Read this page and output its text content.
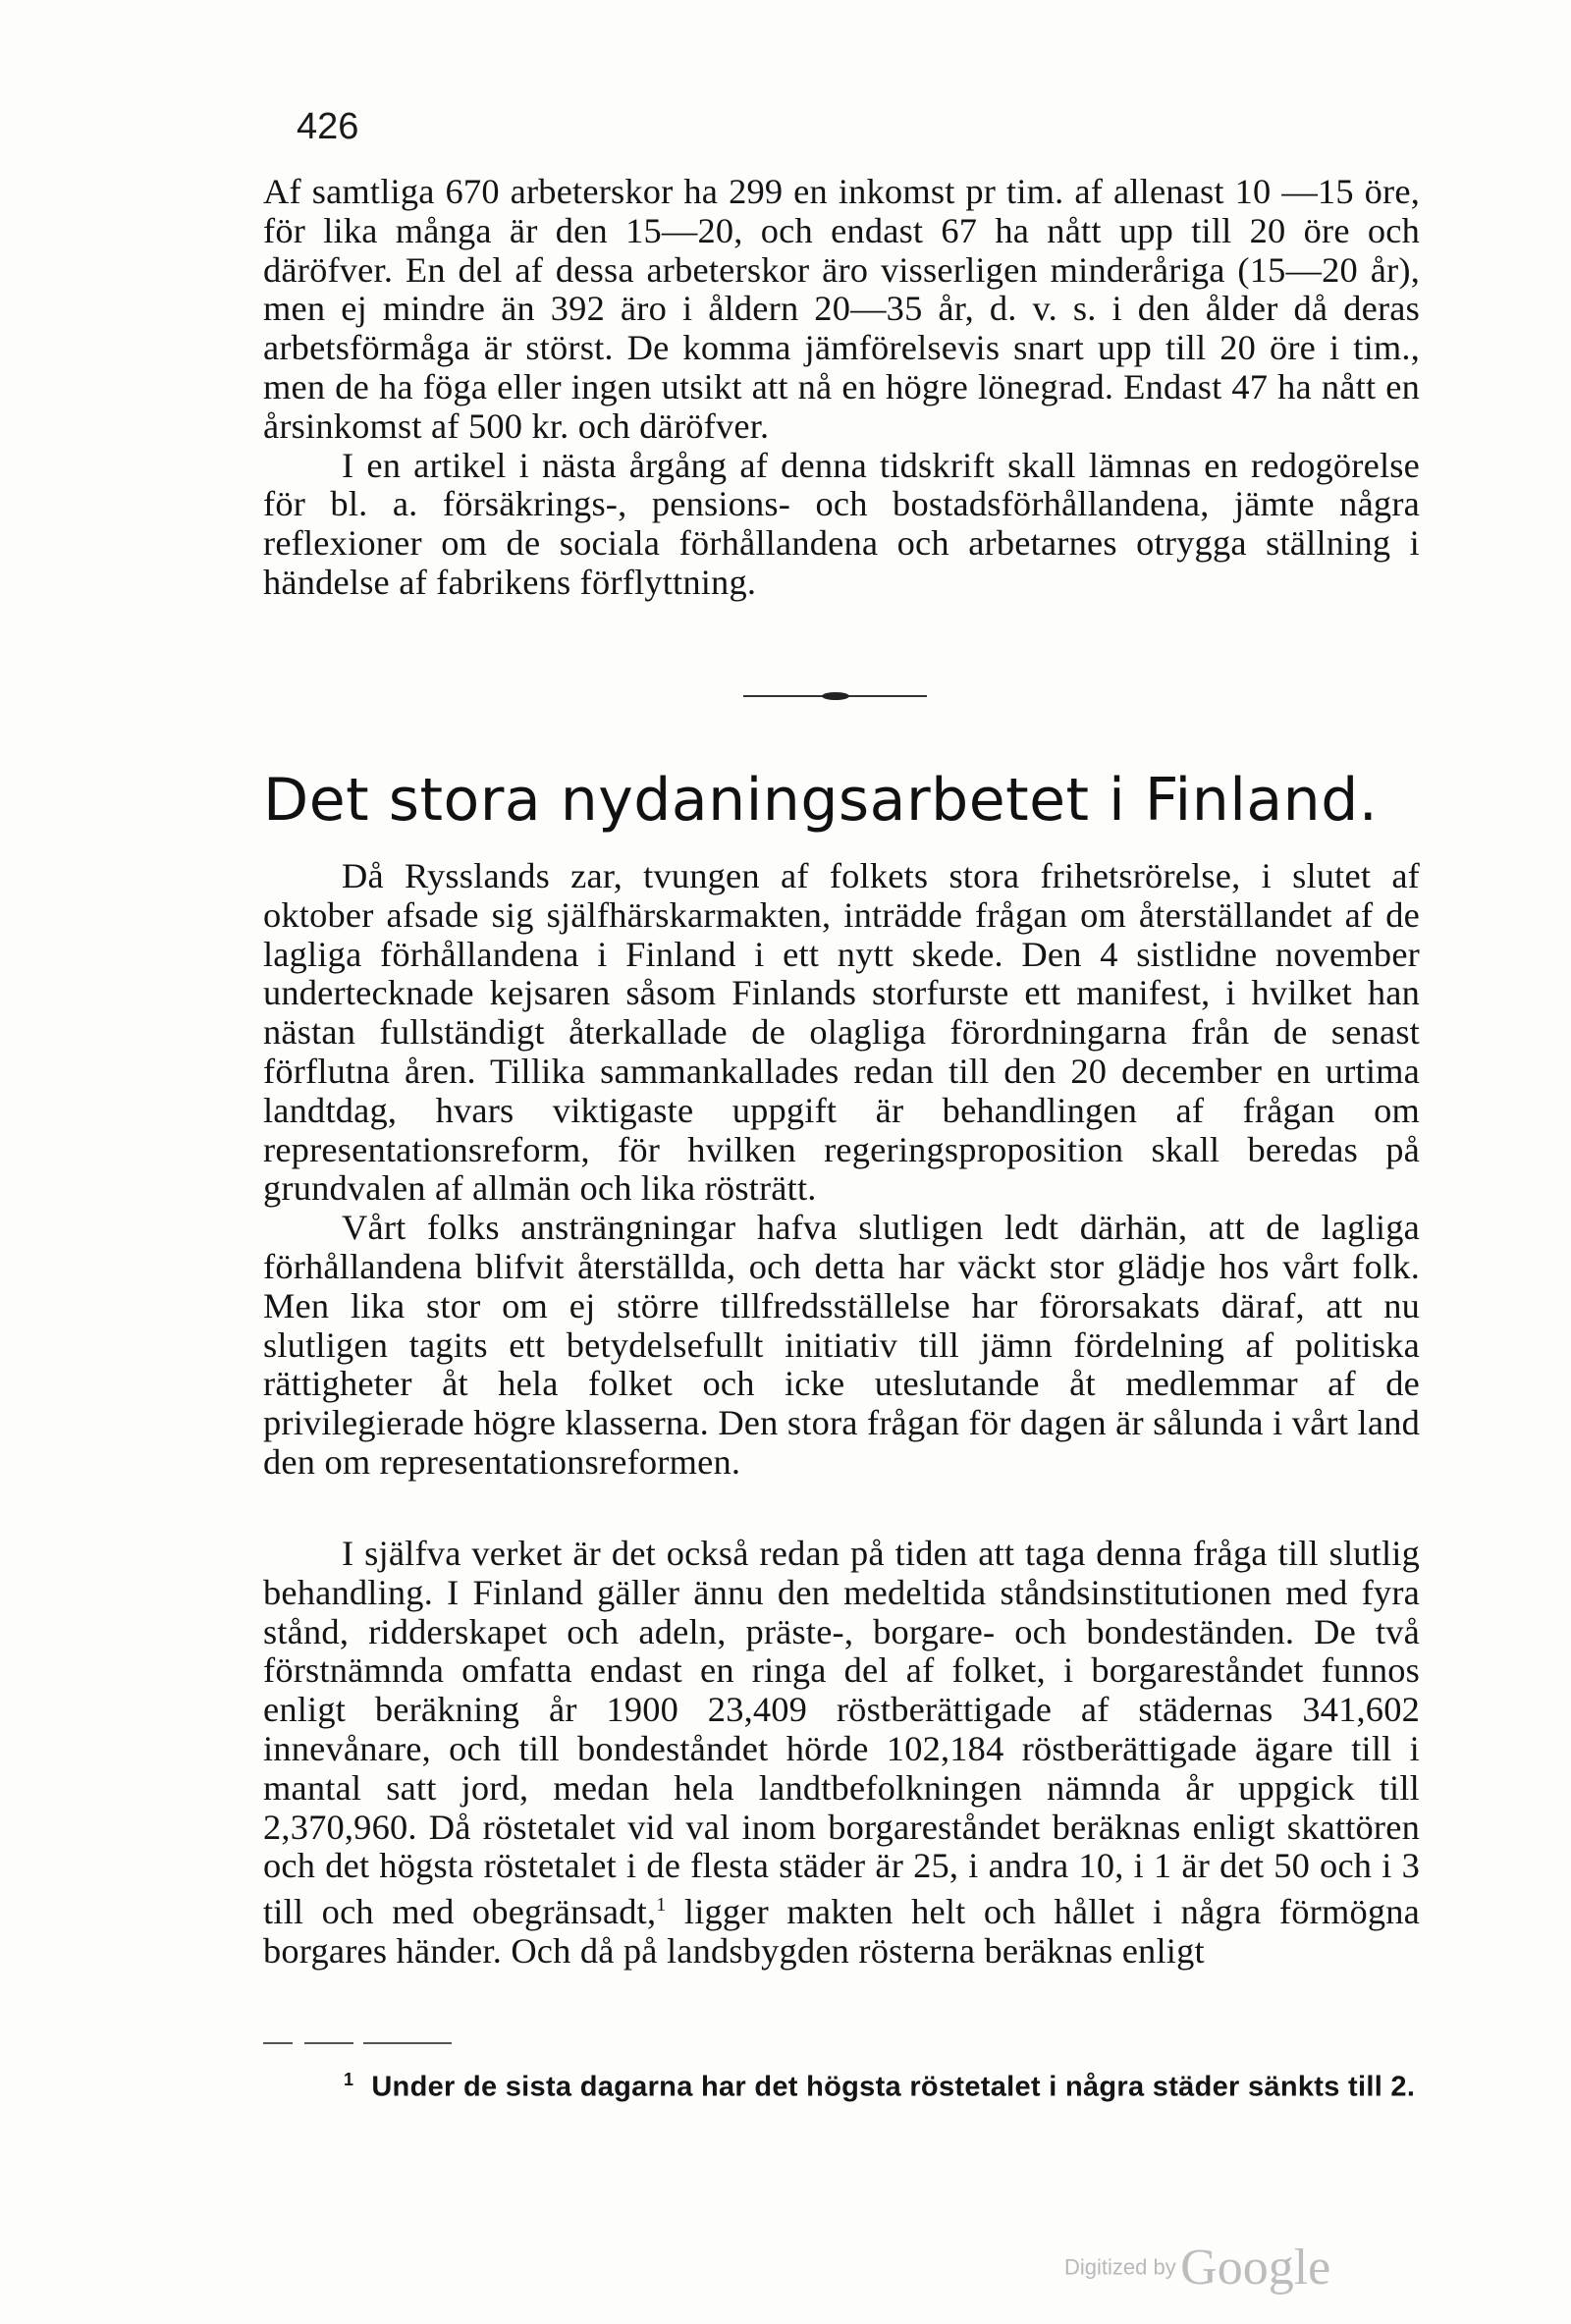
426

Af samtliga 670 arbeterskor ha 299 en inkomst pr tim. af allenast 10 —15 öre, för lika många är den 15—20, och endast 67 ha nått upp till 20 öre och däröfver. En del af dessa arbeterskor äro visserligen minderåriga (15—20 år), men ej mindre än 392 äro i åldern 20—35 år, d. v. s. i den ålder då deras arbetsförmåga är störst. De komma jämförelsevis snart upp till 20 öre i tim., men de ha föga eller ingen utsikt att nå en högre lönegrad. Endast 47 ha nått en årsinkomst af 500 kr. och däröfver.

I en artikel i nästa årgång af denna tidskrift skall lämnas en redogörelse för bl. a. försäkrings-, pensions- och bostadsförhållandena, jämte några reflexioner om de sociala förhållandena och arbetarnes otrygga ställning i händelse af fabrikens förflyttning.

Det stora nydaningsarbetet i Finland.

Då Rysslands zar, tvungen af folkets stora frihetsrörelse, i slutet af oktober afsade sig själfhärskarmakten, inträdde frågan om återställandet af de lagliga förhållandena i Finland i ett nytt skede. Den 4 sistlidne november undertecknade kejsaren såsom Finlands storfurste ett manifest, i hvilket han nästan fullständigt återkallade de olagliga förordningarna från de senast förflutna åren. Tillika sammankallades redan till den 20 december en urtima landtdag, hvars viktigaste uppgift är behandlingen af frågan om representationsreform, för hvilken regeringsproposition skall beredas på grundvalen af allmän och lika rösträtt.

Vårt folks ansträngningar hafva slutligen ledt därhän, att de lagliga förhållandena blifvit återställda, och detta har väckt stor glädje hos vårt folk. Men lika stor om ej större tillfredsställelse har förorsakats däraf, att nu slutligen tagits ett betydelsefullt initiativ till jämn fördelning af politiska rättigheter åt hela folket och icke uteslutande åt medlemmar af de privilegierade högre klasserna. Den stora frågan för dagen är sålunda i vårt land den om representationsreformen.

I själfva verket är det också redan på tiden att taga denna fråga till slutlig behandling. I Finland gäller ännu den medeltida ståndsinstitutionen med fyra stånd, ridderskapet och adeln, präste-, borgare- och bondeständen. De två förstnämnda omfatta endast en ringa del af folket, i borgareståndet funnos enligt beräkning år 1900 23,409 röstberättigade af städernas 341,602 innevånare, och till bondeståndet hörde 102,184 röstberättigade ägare till i mantal satt jord, medan hela landtbefolkningen nämnda år uppgick till 2,370,960. Då röstetalet vid val inom borgareståndet beräknas enligt skattören och det högsta röstetalet i de flesta städer är 25, i andra 10, i 1 är det 50 och i 3 till och med obegränsadt,$^1$ ligger makten helt och hållet i några förmögna borgares händer. Och då på landsbygden rösterna beräknas enligt

$^1$ Under de sista dagarna har det högsta röstetalet i några städer sänkts till 2.
Digitized by Google
